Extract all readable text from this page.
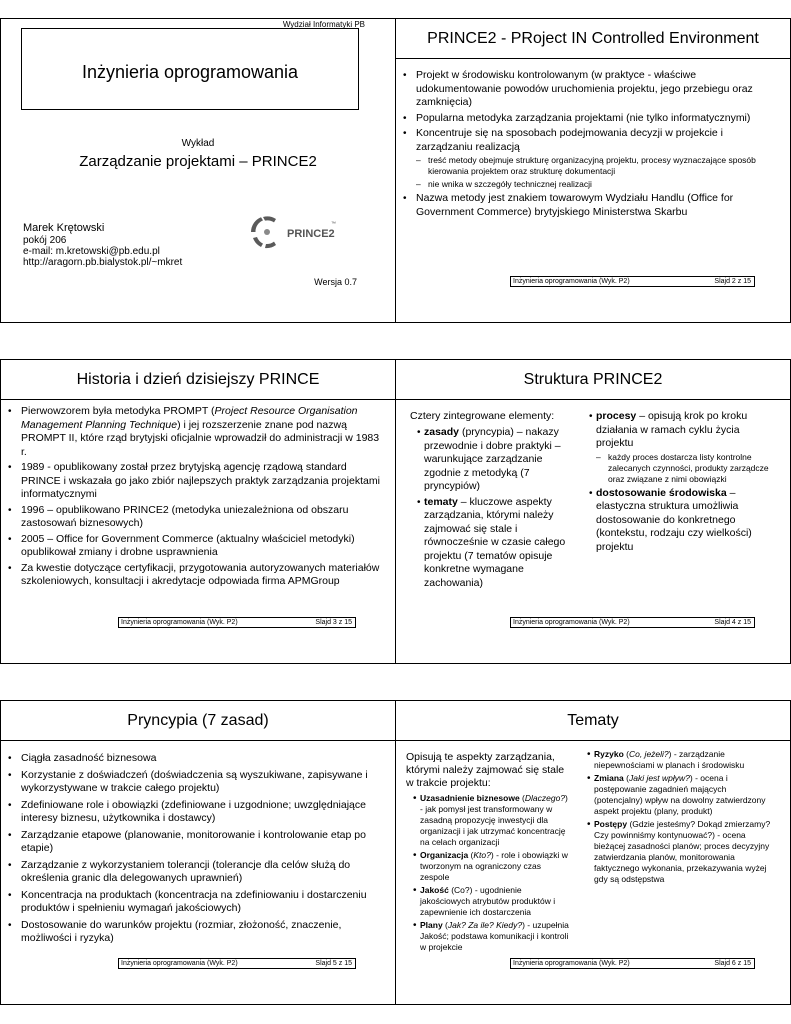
Wydział Informatyki PB
Inżynieria oprogramowania
Wykład
Zarządzanie projektami – PRINCE2
Marek Krętowski
pokój 206
e-mail: m.kretowski@pb.edu.pl
http://aragorn.pb.bialystok.pl/~mkret
PRINCE2
™
Wersja 0.7
PRINCE2 - PRoject IN Controlled Environment
• Projekt w środowisku kontrolowanym (w praktyce - właściwe udokumentowanie powodów uruchomienia projektu, jego przebiegu oraz zamknięcia)
• Popularna metodyka zarządzania projektami (nie tylko informatycznymi)
• Koncentruje się na sposobach podejmowania decyzji w projekcie i zarządzaniu realizacją
– treść metody obejmuje strukturę organizacyjną projektu, procesy wyznaczające sposób kierowania projektem oraz strukturę dokumentacji
– nie wnika w szczegóły technicznej realizacji
• Nazwa metody jest znakiem towarowym Wydziału Handlu (Office for Government Commerce) brytyjskiego Ministerstwa Skarbu
Inżynieria oprogramowania (Wyk. P2)	Slajd 2 z 15
Historia i dzień dzisiejszy PRINCE
• Pierwowzorem była metodyka PROMPT (Project Resource Organisation Management Planning Technique) i jej rozszerzenie znane pod nazwą PROMPT II, które rząd brytyjski oficjalnie wprowadził do administracji w 1983 r.
• 1989 - opublikowany został przez brytyjską agencję rządową standard PRINCE i wskazała go jako zbiór najlepszych praktyk zarządzania projektami informatycznymi
• 1996 – opublikowano PRINCE2 (metodyka uniezależniona od obszaru zastosowań biznesowych)
• 2005 – Office for Government Commerce (aktualny właściciel metodyki) opublikował zmiany i drobne usprawnienia
• Za kwestie dotyczące certyfikacji, przygotowania autoryzowanych materiałów szkoleniowych, konsultacji i akredytacje odpowiada firma APMGroup
Inżynieria oprogramowania (Wyk. P2)	Slajd 3 z 15
Struktura PRINCE2
Cztery zintegrowane elementy:
• zasady (pryncypia) – nakazy przewodnie i dobre praktyki – warunkujące zarządzanie zgodnie z metodyką (7 pryncypiów)
• tematy – kluczowe aspekty zarządzania, którymi należy zajmować się stale i równocześnie w czasie całego projektu (7 tematów opisuje konkretne wymagane zachowania)
• procesy – opisują krok po kroku działania w ramach cyklu życia projektu
– każdy proces dostarcza listy kontrolne zalecanych czynności, produkty zarządcze oraz związane z nimi obowiązki
• dostosowanie środowiska – elastyczna struktura umożliwia dostosowanie do konkretnego (kontekstu, rodzaju czy wielkości) projektu
Inżynieria oprogramowania (Wyk. P2)	Slajd 4 z 15
Pryncypia (7 zasad)
• Ciągła zasadność biznesowa
• Korzystanie z doświadczeń (doświadczenia są wyszukiwane, zapisywane i wykorzystywane w trakcie całego projektu)
• Zdefiniowane role i obowiązki (zdefiniowane i uzgodnione; uwzględniające interesy biznesu, użytkownika i dostawcy)
• Zarządzanie etapowe (planowanie, monitorowanie i kontrolowanie etap po etapie)
• Zarządzanie z wykorzystaniem tolerancji (tolerancje dla celów służą do określenia granic dla delegowanych uprawnień)
• Koncentracja na produktach (koncentracja na zdefiniowaniu i dostarczeniu produktów i spełnieniu wymagań jakościowych)
• Dostosowanie do warunków projektu (rozmiar, złożoność, znaczenie, możliwości i ryzyka)
Inżynieria oprogramowania (Wyk. P2)	Slajd 5 z 15
Tematy
Opisują te aspekty zarządzania, którymi należy zajmować się stale w trakcie projektu:
• Uzasadnienie biznesowe (Dlaczego?) - jak pomysł jest transformowany w zasadną propozycję inwestycji dla organizacji i jak utrzymać koncentrację na celach organizacji
• Organizacja (Kto?) - role i obowiązki w tworzonym na ograniczony czas zespole
• Jakość (Co?) - ugodnienie jakościowych atrybutów produktów i zapewnienie ich dostarczenia
• Plany (Jak? Za ile? Kiedy?) - uzupełnia Jakość; podstawa komunikacji i kontroli w projekcie
• Ryzyko (Co, jeżeli?) - zarządzanie niepewnościami w planach i środowisku
• Zmiana (Jaki jest wpływ?) - ocena i postępowanie zagadnień mających (potencjalny) wpływ na dowolny zatwierdzony aspekt projektu (plany, produkt)
• Postępy (Gdzie jesteśmy? Dokąd zmierzamy? Czy powinniśmy kontynuować?) - ocena bieżącej zasadności planów; proces decyzyjny zatwierdzania planów, monitorowania faktycznego wykonania, przekazywania wyżej gdy są odstępstwa
Inżynieria oprogramowania (Wyk. P2)	Slajd 6 z 15
